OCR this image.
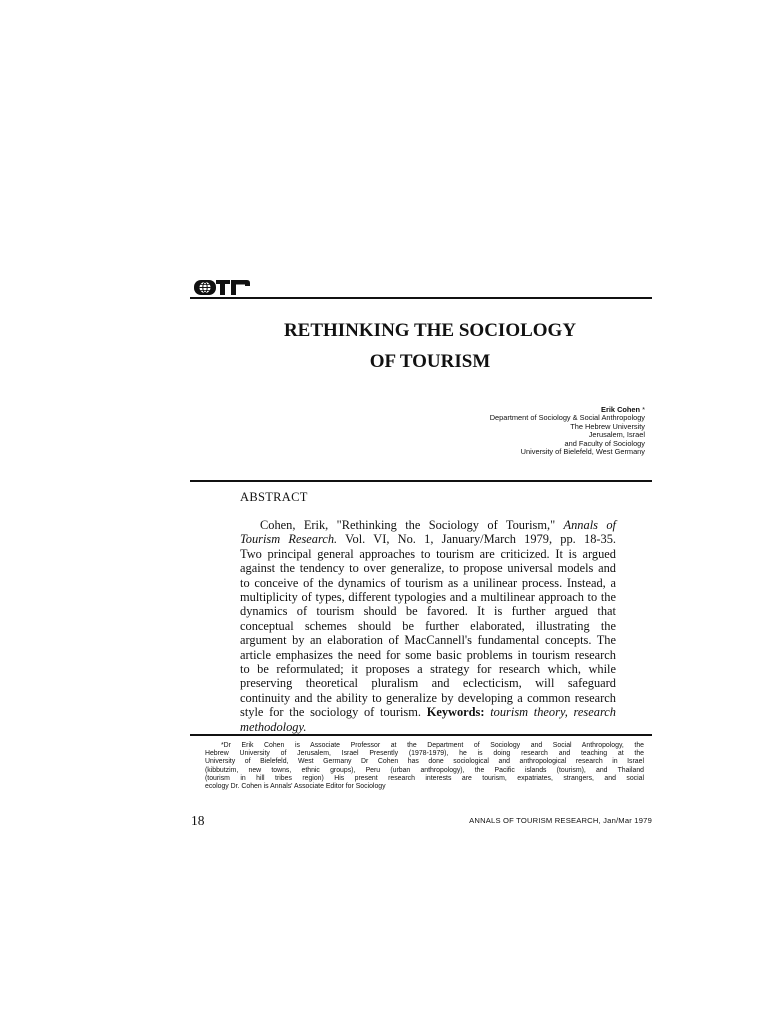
RETHINKING THE SOCIOLOGY
OF TOURISM
Erik Cohen *
Department of Sociology & Social Anthropology
The Hebrew University
Jerusalem, Israel
and Faculty of Sociology
University of Bielefeld, West Germany
ABSTRACT
Cohen, Erik, "Rethinking the Sociology of Tourism," Annals of
Tourism Research. Vol. VI, No. 1, January/March 1979, pp. 18-35.
Two principal general approaches to tourism are criticized. It is argued
against the tendency to over generalize, to propose universal models and
to conceive of the dynamics of tourism as a unilinear process. Instead, a
multiplicity of types, different typologies and a multilinear approach to the
dynamics of tourism should be favored. It is further argued that
conceptual schemes should be further elaborated, illustrating the
argument by an elaboration of MacCannell's fundamental concepts. The
article emphasizes the need for some basic problems in tourism research
to be reformulated; it proposes a strategy for research which, while
preserving theoretical pluralism and eclecticism, will safeguard
continuity and the ability to generalize by developing a common research
style for the sociology of tourism. Keywords: tourism theory, research
methodology.
*Dr Erik Cohen is Associate Professor at the Department of Sociology and Social Anthropology, the
Hebrew University of Jerusalem, Israel Presently (1978-1979), he is doing research and teaching at the
University of Bielefeld, West Germany Dr Cohen has done sociological and anthropological research in Israel
(kibbutzim, new towns, ethnic groups), Peru (urban anthropology), the Pacific islands (tourism), and Thailand
(tourism in hill tribes region) His present research interests are tourism, expatriates, strangers, and social
ecology Dr. Cohen is Annals' Associate Editor for Sociology
18	ANNALS OF TOURISM RESEARCH, Jan/Mar 1979
